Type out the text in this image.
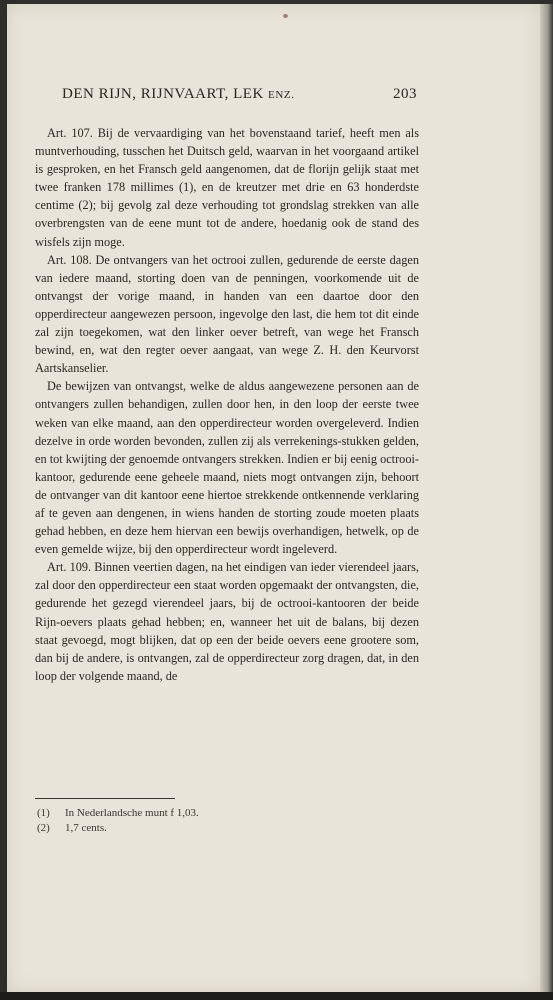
DEN RIJN, RIJNVAART, LEK ENZ.	203

Art. 107. Bij de vervaardiging van het bovenstaand tarief, heeft men als muntverhouding, tusschen het Duitsch geld, waarvan in het voorgaand artikel is gesproken, en het Fransch geld aangenomen, dat de florijn gelijk staat met twee franken 178 millimes (1), en de kreutzer met drie en 63 honderdste centime (2); bij gevolg zal deze verhouding tot grondslag strekken van alle overbrengsten van de eene munt tot de andere, hoedanig ook de stand des wisfels zijn moge.

Art. 108. De ontvangers van het octrooi zullen, gedurende de eerste dagen van iedere maand, storting doen van de penningen, voorkomende uit de ontvangst der vorige maand, in handen van een daartoe door den opperdirecteur aangewezen persoon, ingevolge den last, die hem tot dit einde zal zijn toegekomen, wat den linker oever betreft, van wege het Fransch bewind, en, wat den regter oever aangaat, van wege Z. H. den Keurvorst Aartskanselier.

De bewijzen van ontvangst, welke de aldus aangewezene personen aan de ontvangers zullen behandigen, zullen door hen, in den loop der eerste twee weken van elke maand, aan den opperdirecteur worden overgeleverd. Indien dezelve in orde worden bevonden, zullen zij als verrekenings-stukken gelden, en tot kwijting der genoemde ontvangers strekken. Indien er bij eenig octrooi-kantoor, gedurende eene geheele maand, niets mogt ontvangen zijn, behoort de ontvanger van dit kantoor eene hiertoe strekkende ontkennende verklaring af te geven aan dengenen, in wiens handen de storting zoude moeten plaats gehad hebben, en deze hem hiervan een bewijs overhandigen, hetwelk, op de even gemelde wijze, bij den opperdirecteur wordt ingeleverd.

Art. 109. Binnen veertien dagen, na het eindigen van ieder vierendeel jaars, zal door den opperdirecteur een staat worden opgemaakt der ontvangsten, die, gedurende het gezegd vierendeel jaars, bij de octrooi-kantooren der beide Rijn-oevers plaats gehad hebben; en, wanneer het uit de balans, bij dezen staat gevoegd, mogt blijken, dat op een der beide oevers eene grootere som, dan bij de andere, is ontvangen, zal de opperdirecteur zorg dragen, dat, in den loop der volgende maand, de

(1) In Nederlandsche munt f 1,03.
(2) 1,7 cents.
